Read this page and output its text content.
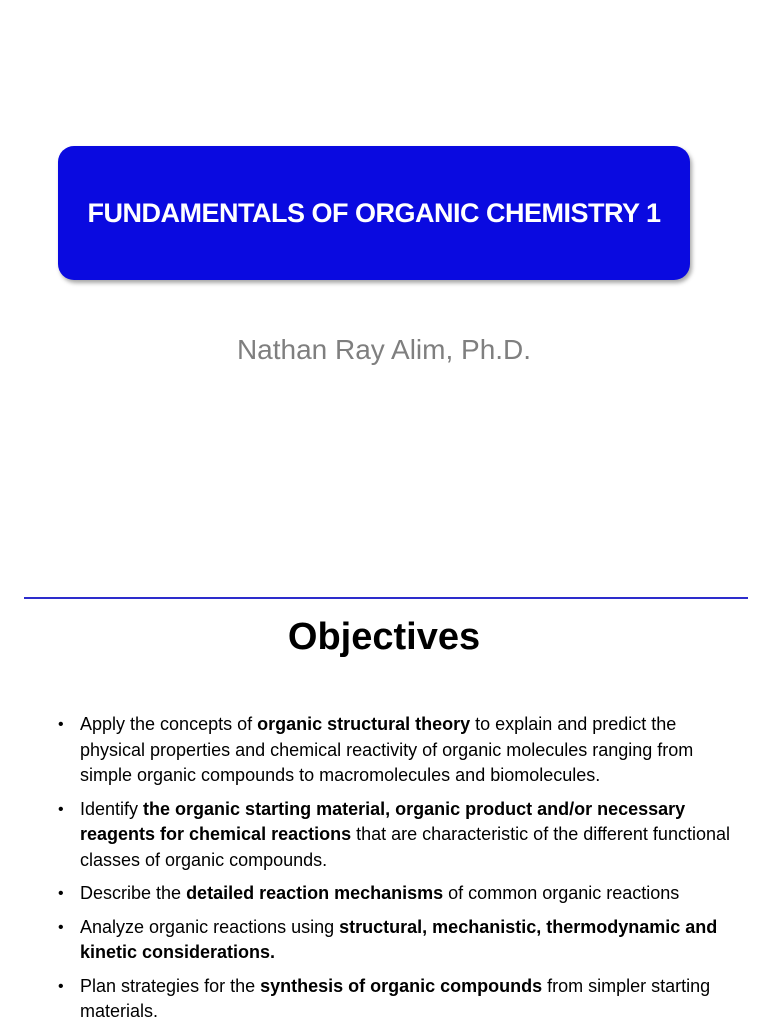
FUNDAMENTALS OF ORGANIC CHEMISTRY 1
Nathan Ray Alim, Ph.D.
Objectives
• Apply the concepts of organic structural theory to explain and predict the physical properties and chemical reactivity of organic molecules ranging from simple organic compounds to macromolecules and biomolecules.
• Identify the organic starting material, organic product and/or necessary reagents for chemical reactions that are characteristic of the different functional classes of organic compounds.
• Describe the detailed reaction mechanisms of common organic reactions
• Analyze organic reactions using structural, mechanistic, thermodynamic and kinetic considerations.
• Plan strategies for the synthesis of organic compounds from simpler starting materials.
